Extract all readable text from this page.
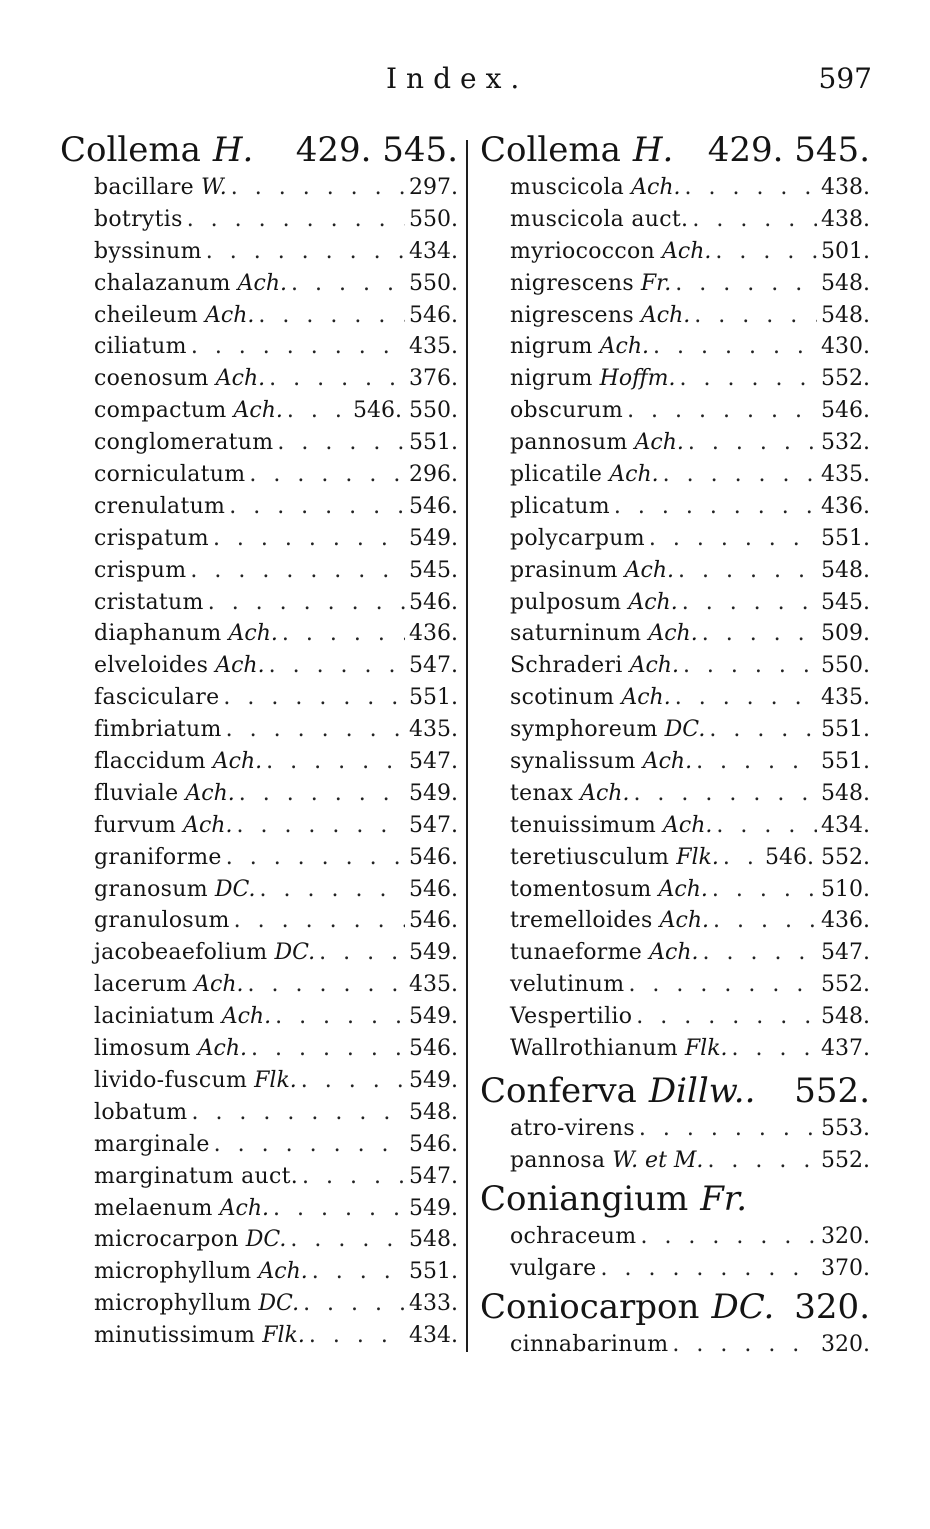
Index.	597
Collema H.	429. 545.
bacillare W. . . .	297.
botrytis . . .	550.
byssinum . . .	434.
chalazanum Ach. . . .	550.
cheileum Ach. . . .	546.
ciliatum . . .	435.
coenosum Ach. . . .	376.
compactum Ach. . . .	546. 550.
conglomeratum . . .	551.
corniculatum . . .	296.
crenulatum . . .	546.
crispatum . . .	549.
crispum . . .	545.
cristatum . . .	546.
diaphanum Ach. . . .	436.
elveloides Ach. . . .	547.
fasciculare . . .	551.
fimbriatum . . .	435.
flaccidum Ach. . . .	547.
fluviale Ach. . . .	549.
furvum Ach. . . .	547.
graniforme . . .	546.
granosum DC. . . .	546.
granulosum . . .	546.
jacobeaefolium DC. . . .	549.
lacerum Ach. . . .	435.
laciniatum Ach. . . .	549.
limosum Ach. . . .	546.
livido-fuscum Flk. . . .	549.
lobatum . . .	548.
marginale . . .	546.
marginatum auct. . . .	547.
melaenum Ach. . . .	549.
microcarpon DC. . . .	548.
microphyllum Ach. . . .	551.
microphyllum DC. . . .	433.
minutissimum Flk. . . .	434.
Collema H.	429. 545.
muscicola Ach. . . .	438.
muscicola auct. . . .	438.
myriococcon Ach. . . .	501.
nigrescens Fr. . . .	548.
nigrescens Ach. . . .	548.
nigrum Ach. . . .	430.
nigrum Hoffm. . . .	552.
obscurum . . .	546.
pannosum Ach. . . .	532.
plicatile Ach. . . .	435.
plicatum . . .	436.
polycarpum . . .	551.
prasinum Ach. . . .	548.
pulposum Ach. . . .	545.
saturninum Ach. . . .	509.
Schraderi Ach. . . .	550.
scotinum Ach. . . .	435.
symphoreum DC. . . .	551.
synalissum Ach. . . .	551.
tenax Ach. . . .	548.
tenuissimum Ach. . . .	434.
teretiusculum Flk. . . . 546. 552.
tomentosum Ach. . . .	510.
tremelloides Ach. . . .	436.
tunaeforme Ach. . . .	547.
velutinum . . .	552.
Vespertilio . . .	548.
Wallrothianum Flk. . . .	437.
Conferva Dillw..	552.
atro-virens . . .	553.
pannosa W. et M. . . .	552.
Coniangium Fr.
ochraceum . . .	320.
vulgare . . .	370.
Coniocarpon DC. 320.
cinnabarinum . . .	320.
